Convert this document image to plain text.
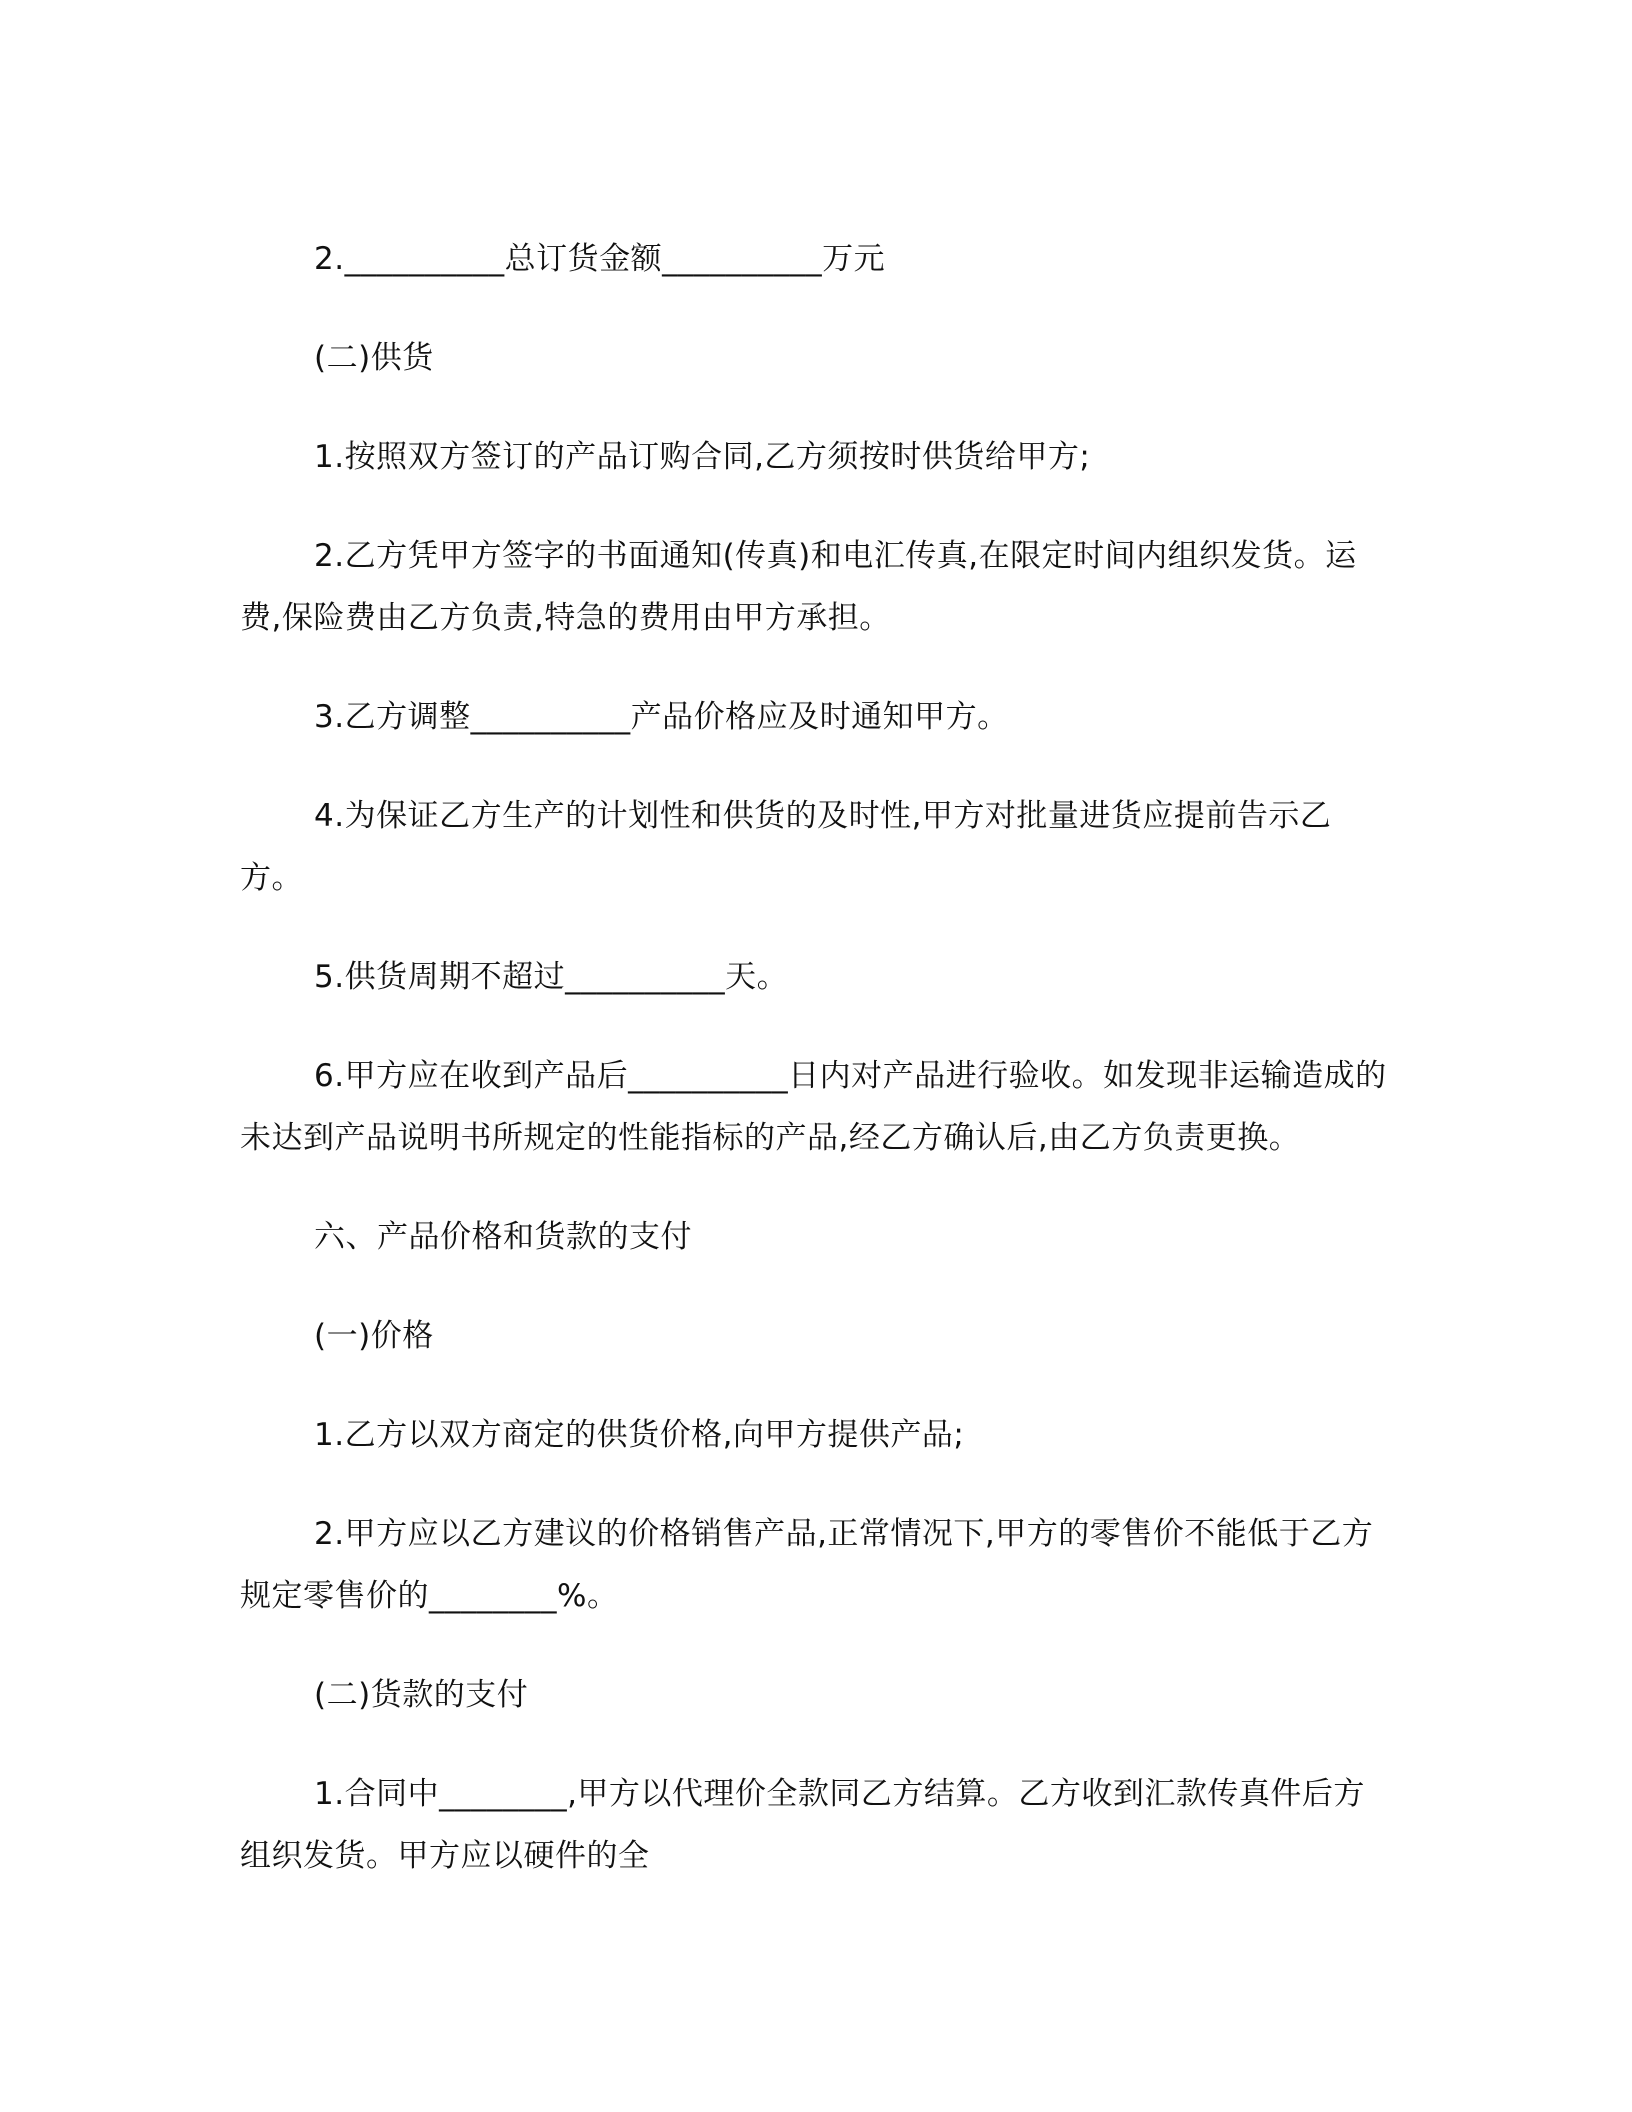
2.__________总订货金额__________万元

(二)供货

1.按照双方签订的产品订购合同,乙方须按时供货给甲方;

2.乙方凭甲方签字的书面通知(传真)和电汇传真,在限定时间内组织发货。运费,保险费由乙方负责,特急的费用由甲方承担。

3.乙方调整__________产品价格应及时通知甲方。

4.为保证乙方生产的计划性和供货的及时性,甲方对批量进货应提前告示乙方。

5.供货周期不超过__________天。

6.甲方应在收到产品后__________日内对产品进行验收。如发现非运输造成的未达到产品说明书所规定的性能指标的产品,经乙方确认后,由乙方负责更换。

六、产品价格和货款的支付

(一)价格

1.乙方以双方商定的供货价格,向甲方提供产品;

2.甲方应以乙方建议的价格销售产品,正常情况下,甲方的零售价不能低于乙方规定零售价的________%。

(二)货款的支付

1.合同中________,甲方以代理价全款同乙方结算。乙方收到汇款传真件后方组织发货。甲方应以硬件的全
